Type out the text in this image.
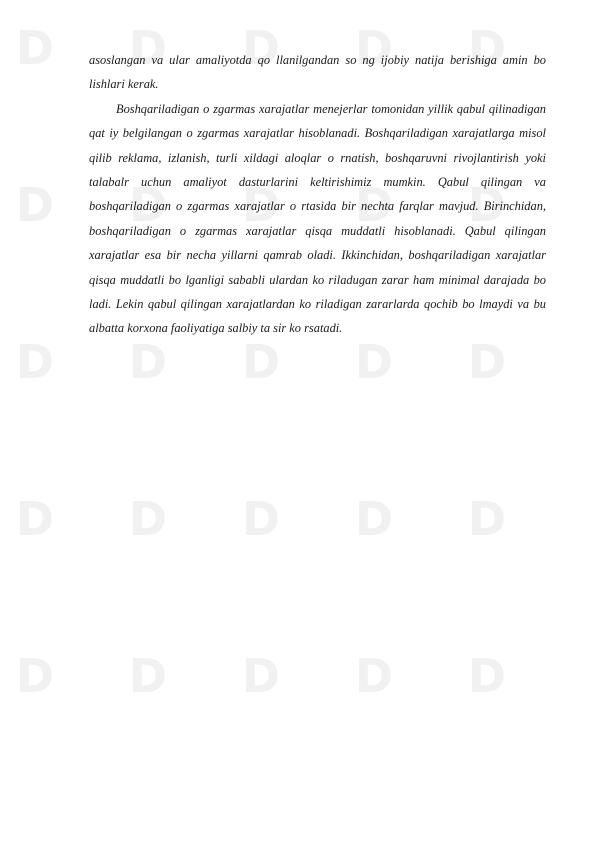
D D D D D
D D D D D
D D D D D
D D D D D
D D D D D

asoslangan va ular amaliyotda qo llanilgandan so ng ijobiy natija berishiga amin bo lishlari kerak.

Boshqariladigan o zgarmas xarajatlar menejerlar tomonidan yillik qabul qilinadigan qat iy belgilangan o zgarmas xarajatlar hisoblanadi. Boshqariladigan xarajatlarga misol qilib reklama, izlanish, turli xildagi aloqlar o rnatish, boshqaruvni rivojlantirish yoki talabalr uchun amaliyot dasturlarini keltirishimiz mumkin. Qabul qilingan va boshqariladigan o zgarmas xarajatlar o rtasida bir nechta farqlar mavjud. Birinchidan, boshqariladigan o zgarmas xarajatlar qisqa muddatli hisoblanadi. Qabul qilingan xarajatlar esa bir necha yillarni qamrab oladi. Ikkinchidan, boshqariladigan xarajatlar qisqa muddatli bo lganligi sababli ulardan ko riladugan zarar ham minimal darajada bo ladi. Lekin qabul qilingan xarajatlardan ko riladigan zararlarda qochib bo lmaydi va bu albatta korxona faoliyatiga salbiy ta sir ko rsatadi.
